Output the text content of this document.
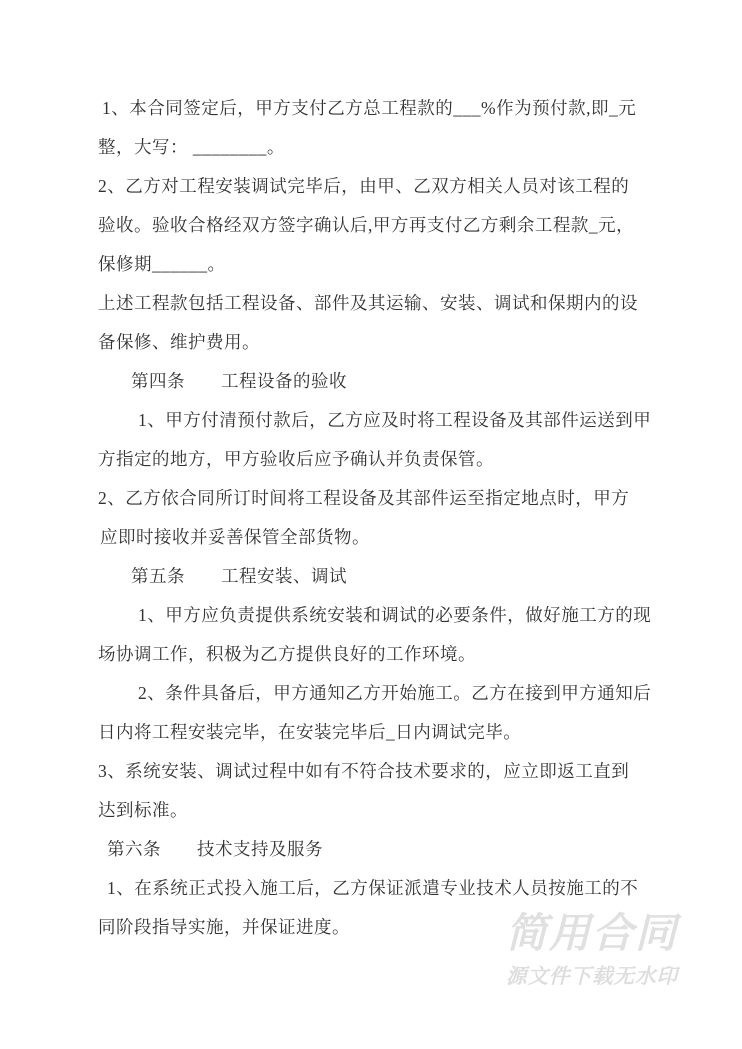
1、本合同签定后，甲方支付乙方总工程款的___%作为预付款,即_元
整，大写： ________。
2、乙方对工程安装调试完毕后，由甲、乙双方相关人员对该工程的
验收。验收合格经双方签字确认后,甲方再支付乙方剩余工程款_元，
保修期______。
上述工程款包括工程设备、部件及其运输、安装、调试和保期内的设
备保修、维护费用。
第四条　　工程设备的验收
1、甲方付清预付款后，乙方应及时将工程设备及其部件运送到甲
方指定的地方，甲方验收后应予确认并负责保管。
2、乙方依合同所订时间将工程设备及其部件运至指定地点时，甲方
应即时接收并妥善保管全部货物。
第五条　　工程安装、调试
1、甲方应负责提供系统安装和调试的必要条件，做好施工方的现
场协调工作，积极为乙方提供良好的工作环境。
2、条件具备后，甲方通知乙方开始施工。乙方在接到甲方通知后
日内将工程安装完毕，在安装完毕后_日内调试完毕。
3、系统安装、调试过程中如有不符合技术要求的，应立即返工直到
达到标准。
第六条　　技术支持及服务
1、在系统正式投入施工后，乙方保证派遣专业技术人员按施工的不
同阶段指导实施，并保证进度。	简用合同
源文件下载无水印
